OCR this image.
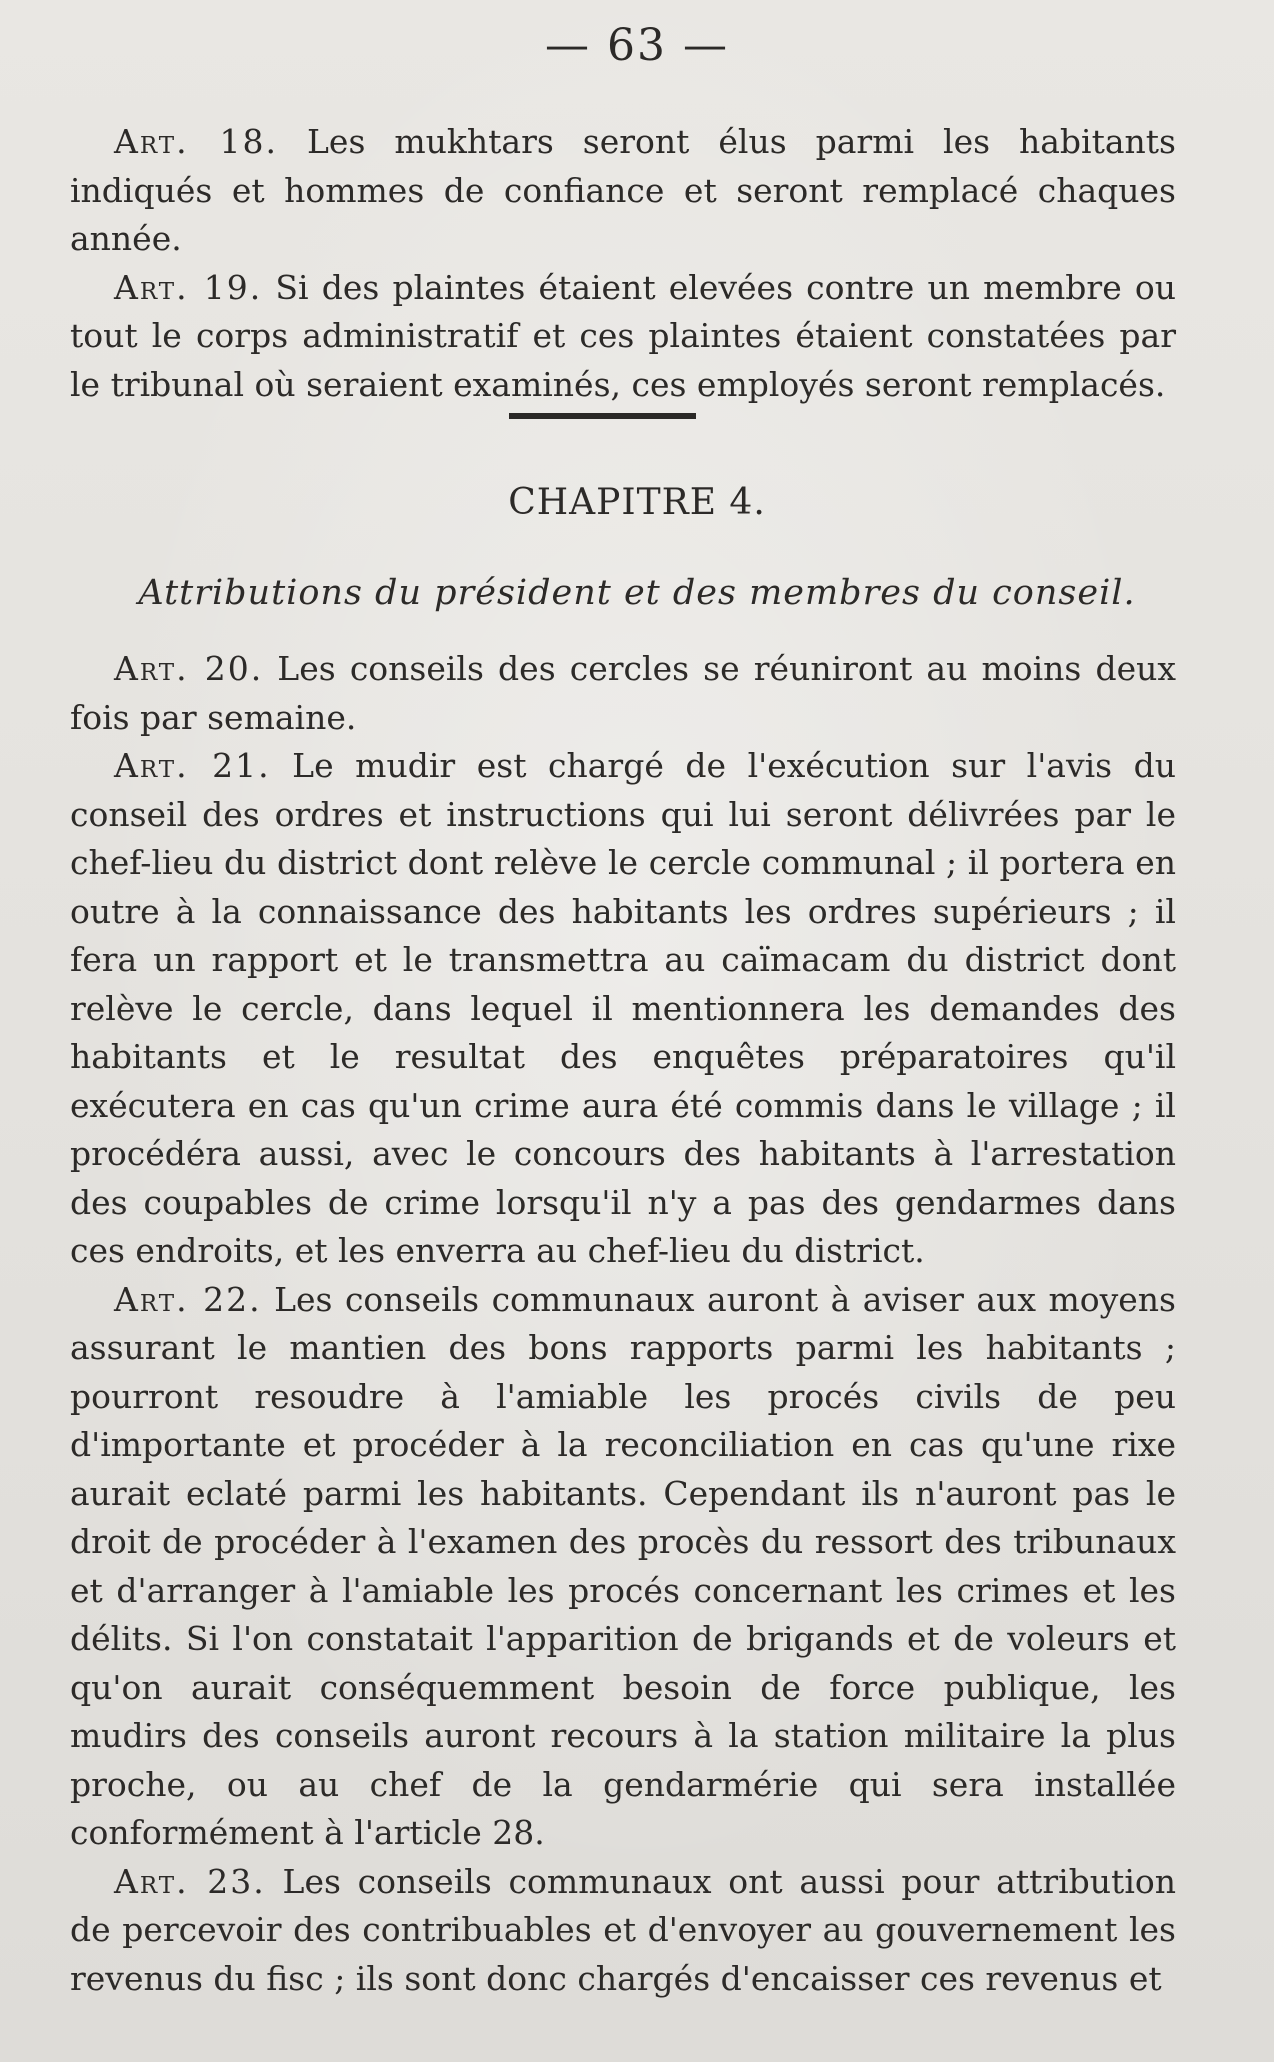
— 63 —

Art. 18. Les mukhtars seront élus parmi les habitants indiqués et hommes de confiance et seront remplacé chaques année.

Art. 19. Si des plaintes étaient elevées contre un membre ou tout le corps administratif et ces plaintes étaient constatées par le tribunal où seraient examinés, ces employés seront remplacés.

CHAPITRE 4.
Attributions du président et des membres du conseil.

Art. 20. Les conseils des cercles se réuniront au moins deux fois par semaine.

Art. 21. Le mudir est chargé de l'exécution sur l'avis du conseil des ordres et instructions qui lui seront délivrées par le chef-lieu du district dont relève le cercle communal ; il portera en outre à la connaissance des habitants les ordres supérieurs ; il fera un rapport et le transmettra au caïmacam du district dont relève le cercle, dans lequel il mentionnera les demandes des habitants et le resultat des enquêtes préparatoires qu'il exécutera en cas qu'un crime aura été commis dans le village ; il procédéra aussi, avec le concours des habitants à l'arrestation des coupables de crime lorsqu'il n'y a pas des gendarmes dans ces endroits, et les enverra au chef-lieu du district.

Art. 22. Les conseils communaux auront à aviser aux moyens assurant le mantien des bons rapports parmi les habitants ; pourront resoudre à l'amiable les procés civils de peu d'importante et procéder à la reconciliation en cas qu'une rixe aurait eclaté parmi les habitants. Cependant ils n'auront pas le droit de procéder à l'examen des procès du ressort des tribunaux et d'arranger à l'amiable les procés concernant les crimes et les délits. Si l'on constatait l'apparition de brigands et de voleurs et qu'on aurait conséquemment besoin de force publique, les mudirs des conseils auront recours à la station militaire la plus proche, ou au chef de la gendarmérie qui sera installée conformément à l'article 28.

Art. 23. Les conseils communaux ont aussi pour attribution de percevoir des contribuables et d'envoyer au gouvernement les revenus du fisc ; ils sont donc chargés d'encaisser ces revenus et
